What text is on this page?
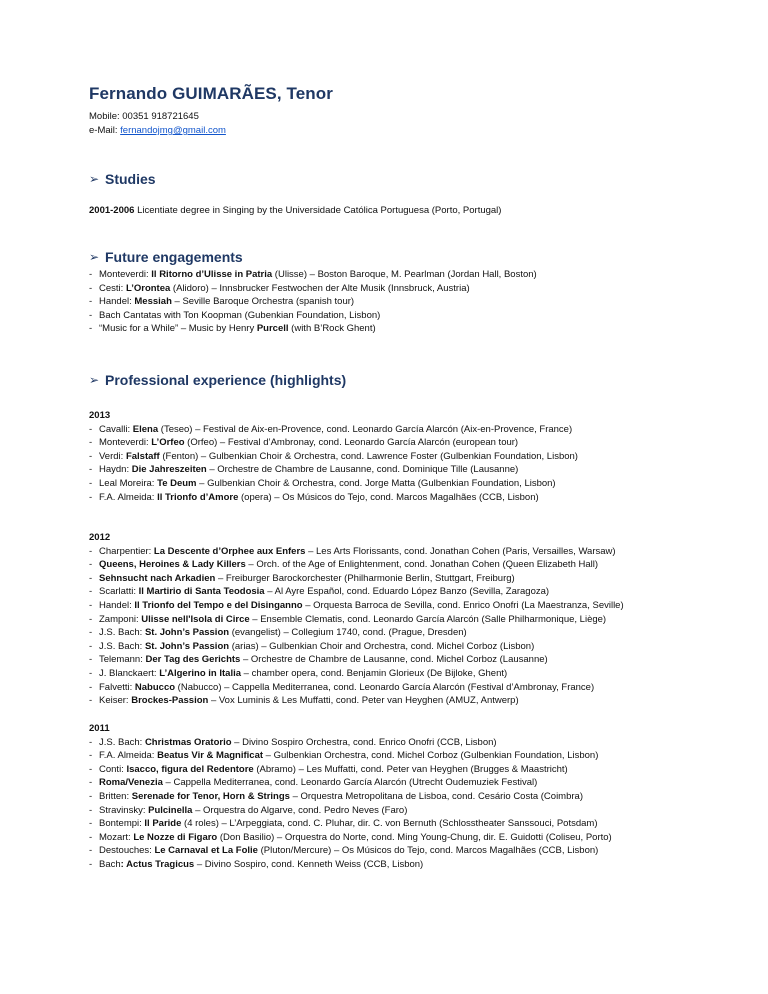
Fernando GUIMARÃES, Tenor
Mobile: 00351 918721645
e-Mail: fernandojmg@gmail.com
➢ Studies
2001-2006 Licentiate degree in Singing by the Universidade Católica Portuguesa (Porto, Portugal)
➢ Future engagements
- Monteverdi: Il Ritorno d’Ulisse in Patria (Ulisse) – Boston Baroque, M. Pearlman (Jordan Hall, Boston)
- Cesti: L’Orontea (Alidoro) – Innsbrucker Festwochen der Alte Musik (Innsbruck, Austria)
- Handel: Messiah – Seville Baroque Orchestra (spanish tour)
- Bach Cantatas with Ton Koopman (Gubenkian Foundation, Lisbon)
- “Music for a While” – Music by Henry Purcell (with B’Rock Ghent)
➢ Professional experience (highlights)
2013
- Cavalli: Elena (Teseo) – Festival de Aix-en-Provence, cond. Leonardo García Alarcón (Aix-en-Provence, France)
- Monteverdi: L’Orfeo (Orfeo) – Festival d’Ambronay, cond. Leonardo García Alarcón (european tour)
- Verdi: Falstaff (Fenton) – Gulbenkian Choir & Orchestra, cond. Lawrence Foster (Gulbenkian Foundation, Lisbon)
- Haydn: Die Jahreszeiten – Orchestre de Chambre de Lausanne, cond. Dominique Tille (Lausanne)
- Leal Moreira: Te Deum – Gulbenkian Choir & Orchestra, cond. Jorge Matta (Gulbenkian Foundation, Lisbon)
- F.A. Almeida: Il Trionfo d’Amore (opera) – Os Músicos do Tejo, cond. Marcos Magalhães (CCB, Lisbon)
2012
- Charpentier: La Descente d’Orphee aux Enfers – Les Arts Florissants, cond. Jonathan Cohen (Paris, Versailles, Warsaw)
- Queens, Heroines & Lady Killers – Orch. of the Age of Enlightenment, cond. Jonathan Cohen (Queen Elizabeth Hall)
- Sehnsucht nach Arkadien – Freiburger Barockorchester (Philharmonie Berlin, Stuttgart, Freiburg)
- Scarlatti: Il Martirio di Santa Teodosia – Al Ayre Español, cond. Eduardo López Banzo (Sevilla, Zaragoza)
- Handel: Il Trionfo del Tempo e del Disinganno – Orquesta Barroca de Sevilla, cond. Enrico Onofri (La Maestranza, Seville)
- Zamponi: Ulisse nell'Isola di Circe – Ensemble Clematis, cond. Leonardo García Alarcón (Salle Philharmonique, Liège)
- J.S. Bach: St. John’s Passion (evangelist) – Collegium 1740, cond. (Prague, Dresden)
- J.S. Bach: St. John’s Passion (arias) – Gulbenkian Choir and Orchestra, cond. Michel Corboz (Lisbon)
- Telemann: Der Tag des Gerichts – Orchestre de Chambre de Lausanne, cond. Michel Corboz (Lausanne)
- J. Blanckaert: L’Algerino in Italia – chamber opera, cond. Benjamin Glorieux (De Bijloke, Ghent)
- Falvetti: Nabucco (Nabucco) – Cappella Mediterranea, cond. Leonardo García Alarcón (Festival d’Ambronay, France)
- Keiser: Brockes-Passion – Vox Luminis & Les Muffatti, cond. Peter van Heyghen (AMUZ, Antwerp)
2011
- J.S. Bach: Christmas Oratorio – Divino Sospiro Orchestra, cond. Enrico Onofri (CCB, Lisbon)
- F.A. Almeida: Beatus Vir & Magnificat – Gulbenkian Orchestra, cond. Michel Corboz (Gulbenkian Foundation, Lisbon)
- Conti: Isacco, figura del Redentore (Abramo) – Les Muffatti, cond. Peter van Heyghen (Brugges & Maastricht)
- Roma/Venezia – Cappella Mediterranea, cond. Leonardo García Alarcón (Utrecht Oudemuziek Festival)
- Britten: Serenade for Tenor, Horn & Strings – Orquestra Metropolitana de Lisboa, cond. Cesário Costa (Coimbra)
- Stravinsky: Pulcinella – Orquestra do Algarve, cond. Pedro Neves (Faro)
- Bontempi: Il Paride (4 roles) – L’Arpeggiata, cond. C. Pluhar, dir. C. von Bernuth (Schlosstheater Sanssouci, Potsdam)
- Mozart: Le Nozze di Figaro (Don Basilio) – Orquestra do Norte, cond. Ming Young-Chung, dir. E. Guidotti (Coliseu, Porto)
- Destouches: Le Carnaval et La Folie (Pluton/Mercure) – Os Músicos do Tejo, cond. Marcos Magalhães (CCB, Lisbon)
- Bach: Actus Tragicus – Divino Sospiro, cond. Kenneth Weiss (CCB, Lisbon)
